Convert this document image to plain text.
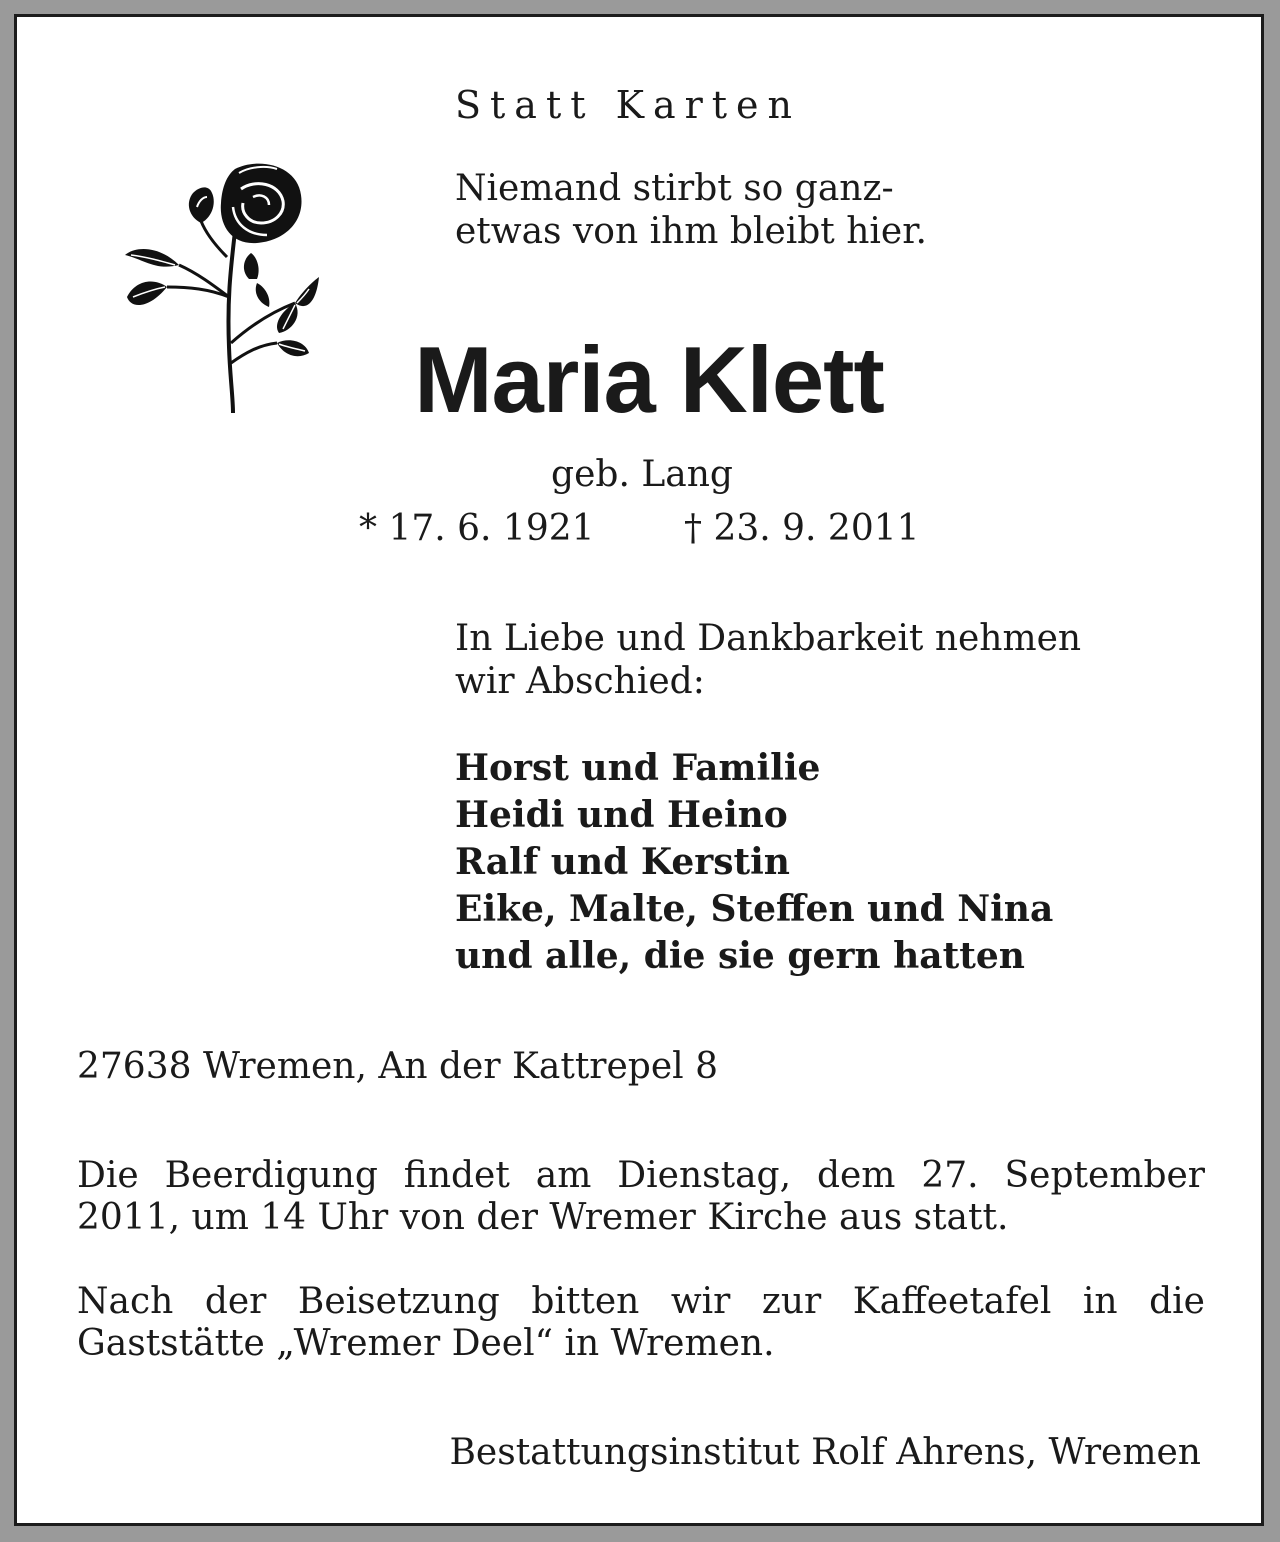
Statt Karten
Niemand stirbt so ganz-
etwas von ihm bleibt hier.
Maria Klett
geb. Lang
* 17. 6. 1921 † 23. 9. 2011
In Liebe und Dankbarkeit nehmen
wir Abschied:
Horst und Familie
Heidi und Heino
Ralf und Kerstin
Eike, Malte, Steffen und Nina
und alle, die sie gern hatten
27638 Wremen, An der Kattrepel 8
Die Beerdigung findet am Dienstag, dem 27. September 2011, um 14 Uhr von der Wremer Kirche aus statt.
Nach der Beisetzung bitten wir zur Kaffeetafel in die Gaststätte „Wremer Deel“ in Wremen.
Bestattungsinstitut Rolf Ahrens, Wremen
